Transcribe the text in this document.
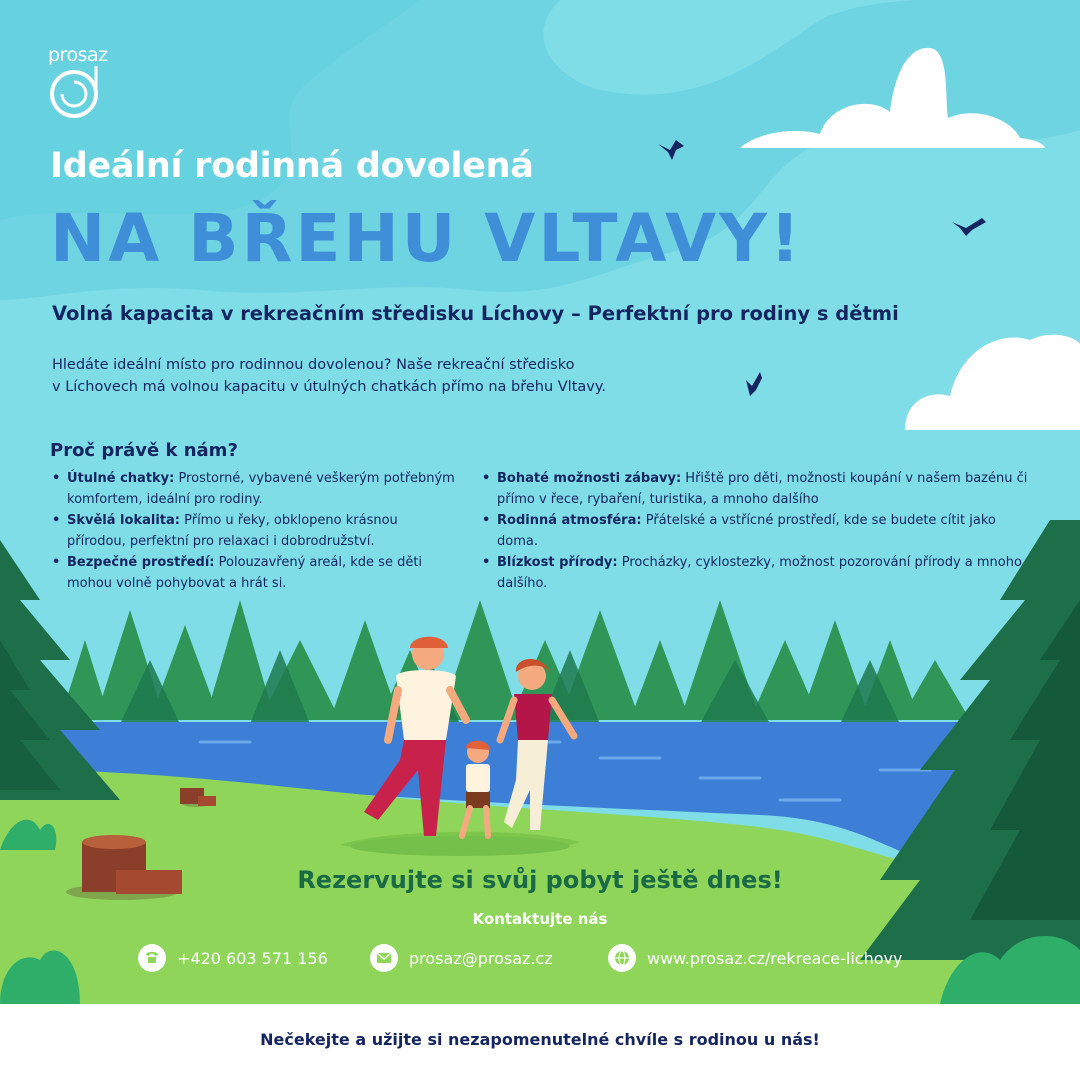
prosaz
Ideální rodinná dovolená
NA BŘEHU VLTAVY!
Volná kapacita v rekreačním středisku Líchovy – Perfektní pro rodiny s dětmi
Hledáte ideální místo pro rodinnou dovolenou? Naše rekreační středisko
v Líchovech má volnou kapacitu v útulných chatkách přímo na břehu Vltavy.
Proč právě k nám?
• Útulné chatky: Prostorné, vybavené veškerým potřebným komfortem, ideální pro rodiny.
• Skvělá lokalita: Přímo u řeky, obklopeno krásnou přírodou, perfektní pro relaxaci i dobrodružství.
• Bezpečné prostředí: Polouzavřený areál, kde se děti mohou volně pohybovat a hrát si.
• Bohaté možnosti zábavy: Hřiště pro děti, možnosti koupání v našem bazénu či přímo v řece, rybaření, turistika, a mnoho dalšího
• Rodinná atmosféra: Přátelské a vstřícné prostředí, kde se budete cítit jako doma.
• Blízkost přírody: Procházky, cyklostezky, možnost pozorování přírody a mnoho dalšího.
Rezervujte si svůj pobyt ještě dnes!
Kontaktujte nás
+420 603 571 156	prosaz@prosaz.cz	www.prosaz.cz/rekreace-lichovy
Nečekejte a užijte si nezapomenutelné chvíle s rodinou u nás!
